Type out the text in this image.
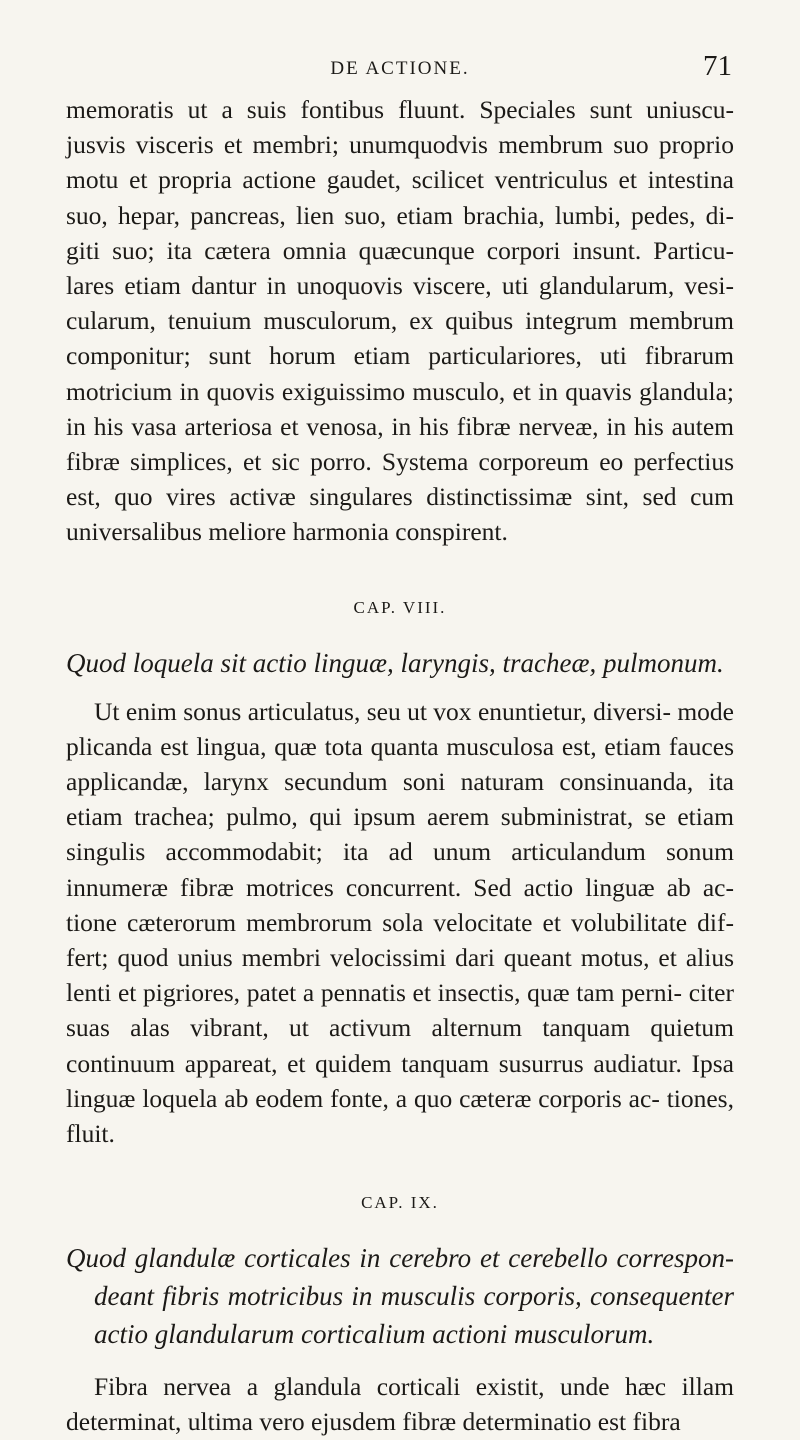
DE ACTIONE.	71

memoratis ut a suis fontibus fluunt. Speciales sunt uniuscu- jusvis visceris et membri; unumquodvis membrum suo proprio motu et propria actione gaudet, scilicet ventriculus et intestina suo, hepar, pancreas, lien suo, etiam brachia, lumbi, pedes, di- giti suo; ita cætera omnia quæcunque corpori insunt. Particu- lares etiam dantur in unoquovis viscere, uti glandularum, vesi- cularum, tenuium musculorum, ex quibus integrum membrum componitur; sunt horum etiam particulariores, uti fibrarum motricium in quovis exiguissimo musculo, et in quavis glandula; in his vasa arteriosa et venosa, in his fibræ nerveæ, in his autem fibræ simplices, et sic porro. Systema corporeum eo perfectius est, quo vires activæ singulares distinctissimæ sint, sed cum universalibus meliore harmonia conspirent.

CAP. VIII.

Quod loquela sit actio linguæ, laryngis, tracheæ, pulmonum.

Ut enim sonus articulatus, seu ut vox enuntietur, diversi- mode plicanda est lingua, quæ tota quanta musculosa est, etiam fauces applicandæ, larynx secundum soni naturam consinuanda, ita etiam trachea; pulmo, qui ipsum aerem subministrat, se etiam singulis accommodabit; ita ad unum articulandum sonum innumeræ fibræ motrices concurrent. Sed actio linguæ ab ac- tione cæterorum membrorum sola velocitate et volubilitate dif- fert; quod unius membri velocissimi dari queant motus, et alius lenti et pigriores, patet a pennatis et insectis, quæ tam perni- citer suas alas vibrant, ut activum alternum tanquam quietum continuum appareat, et quidem tanquam susurrus audiatur. Ipsa linguæ loquela ab eodem fonte, a quo cæteræ corporis ac- tiones, fluit.

CAP. IX.

Quod glandulæ corticales in cerebro et cerebello correspon- deant fibris motricibus in musculis corporis, consequenter actio glandularum corticalium actioni musculorum.

Fibra nervea a glandula corticali existit, unde hæc illam determinat, ultima vero ejusdem fibræ determinatio est fibra
